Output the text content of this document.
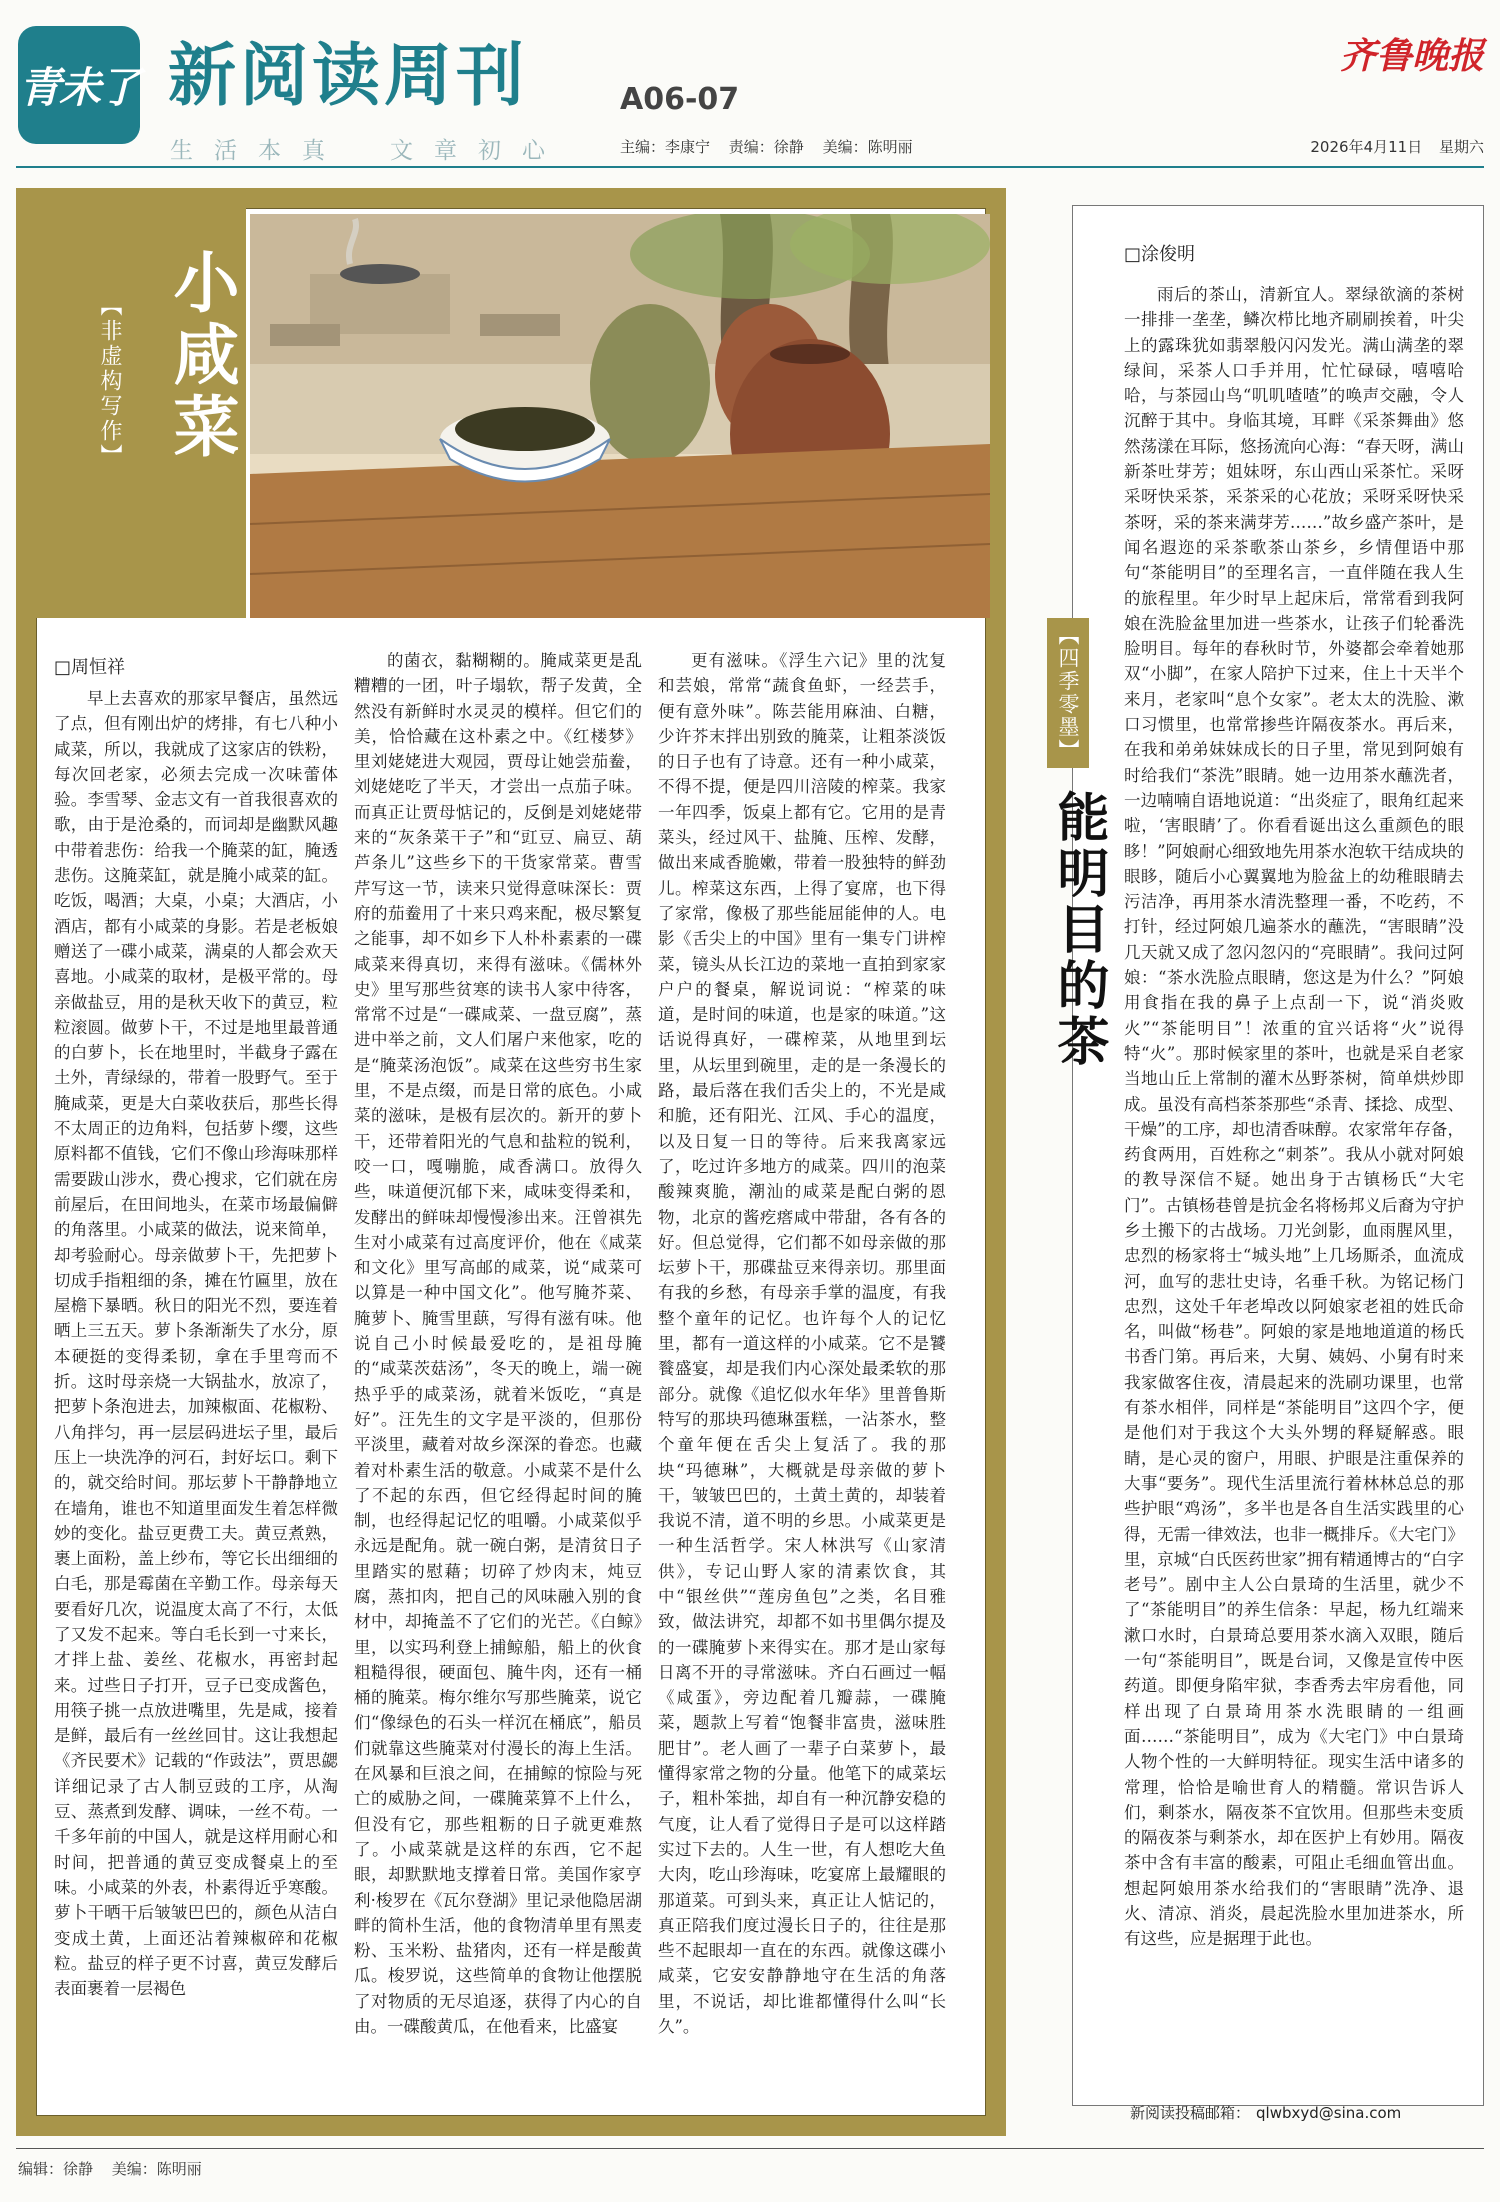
青未了 新阅读周刊	A06-07
生活本真　文章初心	主编：李康宁 责编：徐静 美编：陈明丽
齐鲁晚报
2026年4月11日 星期六
小咸菜
【非虚构写作】
□周恒祥

早上去喜欢的那家早餐店，虽然远了点，但有刚出炉的烤排，有七八种小咸菜，所以，我就成了这家店的铁粉，每次回老家，必须去完成一次味蕾体验。李雪琴、金志文有一首我很喜欢的歌，由于是沧桑的，而词却是幽默风趣中带着悲伤：给我一个腌菜的缸，腌透悲伤。这腌菜缸，就是腌小咸菜的缸。吃饭，喝酒；大桌，小桌；大酒店，小酒店，都有小咸菜的身影。若是老板娘赠送了一碟小咸菜，满桌的人都会欢天喜地。小咸菜的取材，是极平常的。母亲做盐豆，用的是秋天收下的黄豆，粒粒滚圆。做萝卜干，不过是地里最普通的白萝卜，长在地里时，半截身子露在土外，青绿绿的，带着一股野气。至于腌咸菜，更是大白菜收获后，那些长得不太周正的边角料，包括萝卜缨，这些原料都不值钱，它们不像山珍海味那样需要跋山涉水，费心搜求，它们就在房前屋后，在田间地头，在菜市场最偏僻的角落里。小咸菜的做法，说来简单，却考验耐心。母亲做萝卜干，先把萝卜切成手指粗细的条，摊在竹匾里，放在屋檐下暴晒。秋日的阳光不烈，要连着晒上三五天。萝卜条渐渐失了水分，原本硬挺的变得柔韧，拿在手里弯而不折。这时母亲烧一大锅盐水，放凉了，把萝卜条泡进去，加辣椒面、花椒粉、八角拌匀，再一层层码进坛子里，最后压上一块洗净的河石，封好坛口。剩下的，就交给时间。那坛萝卜干静静地立在墙角，谁也不知道里面发生着怎样微妙的变化。盐豆更费工夫。黄豆煮熟，裹上面粉，盖上纱布，等它长出细细的白毛，那是霉菌在辛勤工作。母亲每天要看好几次，说温度太高了不行，太低了又发不起来。等白毛长到一寸来长，才拌上盐、姜丝、花椒水，再密封起来。过些日子打开，豆子已变成酱色，用筷子挑一点放进嘴里，先是咸，接着是鲜，最后有一丝丝回甘。这让我想起《齐民要术》记载的“作豉法”，贾思勰详细记录了古人制豆豉的工序，从淘豆、蒸煮到发酵、调味，一丝不苟。一千多年前的中国人，就是这样用耐心和时间，把普通的黄豆变成餐桌上的至味。小咸菜的外表，朴素得近乎寒酸。萝卜干晒干后皱皱巴巴的，颜色从洁白变成土黄，上面还沾着辣椒碎和花椒粒。盐豆的样子更不讨喜，黄豆发酵后表面裹着一层褐色

的菌衣，黏糊糊的。腌咸菜更是乱糟糟的一团，叶子塌软，帮子发黄，全然没有新鲜时水灵灵的模样。但它们的美，恰恰藏在这朴素之中。《红楼梦》里刘姥姥进大观园，贾母让她尝茄鲞，刘姥姥吃了半天，才尝出一点茄子味。而真正让贾母惦记的，反倒是刘姥姥带来的“灰条菜干子”和“豇豆、扁豆、葫芦条儿”这些乡下的干货家常菜。曹雪芹写这一节，读来只觉得意味深长：贾府的茄鲞用了十来只鸡来配，极尽繁复之能事，却不如乡下人朴朴素素的一碟咸菜来得真切，来得有滋味。《儒林外史》里写那些贫寒的读书人家中待客，常常不过是“一碟咸菜、一盘豆腐”，蒸进中举之前，文人们屠户来他家，吃的是“腌菜汤泡饭”。咸菜在这些穷书生家里，不是点缀，而是日常的底色。小咸菜的滋味，是极有层次的。新开的萝卜干，还带着阳光的气息和盐粒的锐利，咬一口，嘎嘣脆，咸香满口。放得久些，味道便沉郁下来，咸味变得柔和，发酵出的鲜味却慢慢渗出来。汪曾祺先生对小咸菜有过高度评价，他在《咸菜和文化》里写高邮的咸菜，说“咸菜可以算是一种中国文化”。他写腌芥菜、腌萝卜、腌雪里蕻，写得有滋有味。他说自己小时候最爱吃的，是祖母腌的“咸菜茨菇汤”，冬天的晚上，端一碗热乎乎的咸菜汤，就着米饭吃，“真是好”。汪先生的文字是平淡的，但那份平淡里，藏着对故乡深深的眷恋。也藏着对朴素生活的敬意。小咸菜不是什么了不起的东西，但它经得起时间的腌制，也经得起记忆的咀嚼。小咸菜似乎永远是配角。就一碗白粥，是清贫日子里踏实的慰藉；切碎了炒肉末，炖豆腐，蒸扣肉，把自己的风味融入别的食材中，却掩盖不了它们的光芒。《白鲸》里，以实玛利登上捕鲸船，船上的伙食粗糙得很，硬面包、腌牛肉，还有一桶桶的腌菜。梅尔维尔写那些腌菜，说它们“像绿色的石头一样沉在桶底”，船员们就靠这些腌菜对付漫长的海上生活。在风暴和巨浪之间，在捕鲸的惊险与死亡的威胁之间，一碟腌菜算不上什么，但没有它，那些粗粝的日子就更难熬了。小咸菜就是这样的东西，它不起眼，却默默地支撑着日常。美国作家亨利·梭罗在《瓦尔登湖》里记录他隐居湖畔的简朴生活，他的食物清单里有黑麦粉、玉米粉、盐猪肉，还有一样是酸黄瓜。梭罗说，这些简单的食物让他摆脱了对物质的无尽追逐，获得了内心的自由。一碟酸黄瓜，在他看来，比盛宴

更有滋味。《浮生六记》里的沈复和芸娘，常常“蔬食鱼虾，一经芸手，便有意外味”。陈芸能用麻油、白糖，少许芥末拌出别致的腌菜，让粗茶淡饭的日子也有了诗意。还有一种小咸菜，不得不提，便是四川涪陵的榨菜。我家一年四季，饭桌上都有它。它用的是青菜头，经过风干、盐腌、压榨、发酵，做出来咸香脆嫩，带着一股独特的鲜劲儿。榨菜这东西，上得了宴席，也下得了家常，像极了那些能屈能伸的人。电影《舌尖上的中国》里有一集专门讲榨菜，镜头从长江边的菜地一直拍到家家户户的餐桌，解说词说：“榨菜的味道，是时间的味道，也是家的味道。”这话说得真好，一碟榨菜，从地里到坛里，从坛里到碗里，走的是一条漫长的路，最后落在我们舌尖上的，不光是咸和脆，还有阳光、江风、手心的温度，以及日复一日的等待。后来我离家远了，吃过许多地方的咸菜。四川的泡菜酸辣爽脆，潮汕的咸菜是配白粥的恩物，北京的酱疙瘩咸中带甜，各有各的好。但总觉得，它们都不如母亲做的那坛萝卜干，那碟盐豆来得亲切。那里面有我的乡愁，有母亲手掌的温度，有我整个童年的记忆。也许每个人的记忆里，都有一道这样的小咸菜。它不是饕餮盛宴，却是我们内心深处最柔软的那部分。就像《追忆似水年华》里普鲁斯特写的那块玛德琳蛋糕，一沾茶水，整个童年便在舌尖上复活了。我的那块“玛德琳”，大概就是母亲做的萝卜干，皱皱巴巴的，土黄土黄的，却装着我说不清，道不明的乡思。小咸菜更是一种生活哲学。宋人林洪写《山家清供》，专记山野人家的清素饮食，其中“银丝供”“莲房鱼包”之类，名目雅致，做法讲究，却都不如书里偶尔提及的一碟腌萝卜来得实在。那才是山家每日离不开的寻常滋味。齐白石画过一幅《咸蛋》，旁边配着几瓣蒜，一碟腌菜，题款上写着“饱餐非富贵，滋味胜肥甘”。老人画了一辈子白菜萝卜，最懂得家常之物的分量。他笔下的咸菜坛子，粗朴笨拙，却自有一种沉静安稳的气度，让人看了觉得日子是可以这样踏实过下去的。人生一世，有人想吃大鱼大肉，吃山珍海味，吃宴席上最耀眼的那道菜。可到头来，真正让人惦记的，真正陪我们度过漫长日子的，往往是那些不起眼却一直在的东西。就像这碟小咸菜，它安安静静地守在生活的角落里，不说话，却比谁都懂得什么叫“长久”。

□涂俊明

雨后的茶山，清新宜人。翠绿欲滴的茶树一排排一垄垄，鳞次栉比地齐刷刷挨着，叶尖上的露珠犹如翡翠般闪闪发光。满山满垄的翠绿间，采茶人口手并用，忙忙碌碌，嘻嘻哈哈，与茶园山鸟“叽叽喳喳”的唤声交融，令人沉醉于其中。身临其境，耳畔《采茶舞曲》悠然荡漾在耳际，悠扬流向心海：“春天呀，满山新茶吐芽芳；姐妹呀，东山西山采茶忙。采呀采呀快采茶，采茶采的心花放；采呀采呀快采茶呀，采的茶来满芽芳……”故乡盛产茶叶，是闻名遐迩的采茶歌茶山茶乡，乡情俚语中那句“茶能明目”的至理名言，一直伴随在我人生的旅程里。年少时早上起床后，常常看到我阿娘在洗脸盆里加进一些茶水，让孩子们轮番洗脸明目。每年的春秋时节，外婆都会牵着她那双“小脚”，在家人陪护下过来，住上十天半个来月，老家叫“息个女家”。老太太的洗脸、漱口习惯里，也常常掺些许隔夜茶水。再后来，在我和弟弟妹妹成长的日子里，常见到阿娘有时给我们“茶洗”眼睛。她一边用茶水蘸洗者，一边喃喃自语地说道：“出炎症了，眼角红起来啦，‘害眼睛’了。你看看诞出这么重颜色的眼眵！”阿娘耐心细致地先用茶水泡软干结成块的眼眵，随后小心翼翼地为脸盆上的幼稚眼睛去污洁净，再用茶水清洗整理一番，不吃药，不打针，经过阿娘几遍茶水的蘸洗，“害眼睛”没几天就又成了忽闪忽闪的“亮眼睛”。我问过阿娘：“茶水洗脸点眼睛，您这是为什么？”阿娘用食指在我的鼻子上点刮一下，说“消炎败火”“茶能明目”！浓重的宜兴话将“火”说得特“火”。那时候家里的茶叶，也就是采自老家当地山丘上常制的灌木丛野茶树，简单烘炒即成。虽没有高档茶茶那些“杀青、揉捻、成型、干燥”的工序，却也清香味醇。农家常年存备，药食两用，百姓称之“刺茶”。我从小就对阿娘的教导深信不疑。她出身于古镇杨氏“大宅门”。古镇杨巷曾是抗金名将杨邦义后裔为守护乡土搬下的古战场。刀光剑影，血雨腥风里，忠烈的杨家将士“城头地”上几场厮杀，血流成河，血写的悲壮史诗，名垂千秋。为铭记杨门忠烈，这处千年老埠改以阿娘家老祖的姓氏命名，叫做“杨巷”。阿娘的家是地地道道的杨氏书香门第。再后来，大舅、姨妈、小舅有时来我家做客住夜，清晨起来的洗刷功课里，也常有茶水相伴，同样是“茶能明目”这四个字，便是他们对于我这个大头外甥的释疑解惑。眼睛，是心灵的窗户，用眼、护眼是注重保养的大事“要务”。现代生活里流行着林林总总的那些护眼“鸡汤”，多半也是各自生活实践里的心得，无需一律效法，也非一概排斥。《大宅门》里，京城“白氏医药世家”拥有精通博古的“白字老号”。剧中主人公白景琦的生活里，就少不了“茶能明目”的养生信条：早起，杨九红端来漱口水时，白景琦总要用茶水滴入双眼，随后一句“茶能明目”，既是台词，又像是宣传中医药道。即便身陷牢狱，李香秀去牢房看他，同样出现了白景琦用茶水洗眼睛的一组画面……“茶能明目”，成为《大宅门》中白景琦人物个性的一大鲜明特征。现实生活中诸多的常理，恰恰是喻世育人的精髓。常识告诉人们，剩茶水，隔夜茶不宜饮用。但那些未变质的隔夜茶与剩茶水，却在医护上有妙用。隔夜茶中含有丰富的酸素，可阻止毛细血管出血。想起阿娘用茶水给我们的“害眼睛”洗净、退火、清凉、消炎，晨起洗脸水里加进茶水，所有这些，应是据理于此也。

【四季零墨】
能明目的茶
新阅读投稿邮箱： qlwbxyd@sina.com
编辑：徐静 美编：陈明丽
